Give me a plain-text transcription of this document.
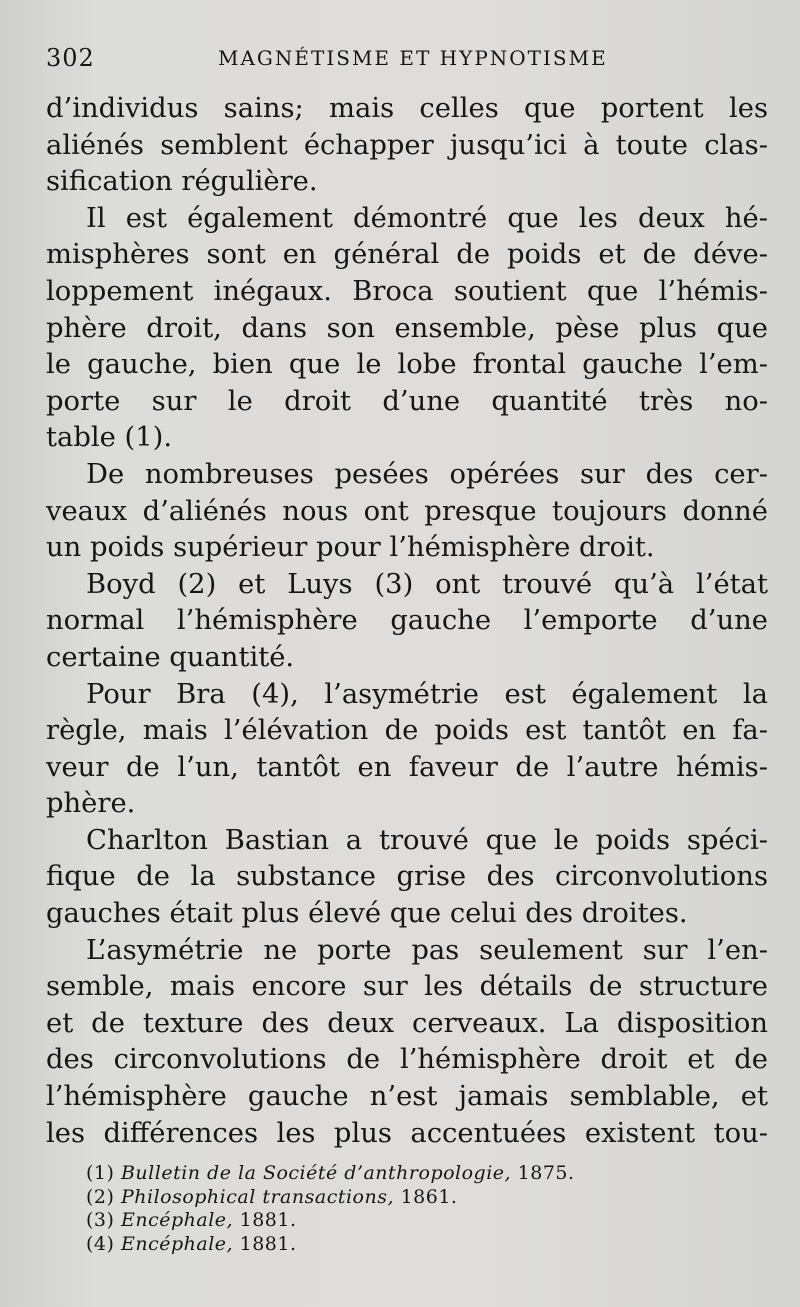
302	MAGNÉTISME ET HYPNOTISME
d’individus sains; mais celles que portent les
aliénés semblent échapper jusqu’ici à toute clas-
sification régulière.
Il est également démontré que les deux hé-
misphères sont en général de poids et de déve-
loppement inégaux. Broca soutient que l’hémis-
phère droit, dans son ensemble, pèse plus que
le gauche, bien que le lobe frontal gauche l’em-
porte sur le droit d’une quantité très no-
table (1).
De nombreuses pesées opérées sur des cer-
veaux d’aliénés nous ont presque toujours donné
un poids supérieur pour l’hémisphère droit.
Boyd (2) et Luys (3) ont trouvé qu’à l’état
normal l’hémisphère gauche l’emporte d’une
certaine quantité.
Pour Bra (4), l’asymétrie est également la
règle, mais l’élévation de poids est tantôt en fa-
veur de l’un, tantôt en faveur de l’autre hémis-
phère.
Charlton Bastian a trouvé que le poids spéci-
fique de la substance grise des circonvolutions
gauches était plus élevé que celui des droites.
L’asymétrie ne porte pas seulement sur l’en-
semble, mais encore sur les détails de structure
et de texture des deux cerveaux. La disposition
des circonvolutions de l’hémisphère droit et de
l’hémisphère gauche n’est jamais semblable, et
les différences les plus accentuées existent tou-
(1) Bulletin de la Société d’anthropologie, 1875.
(2) Philosophical transactions, 1861.
(3) Encéphale, 1881.
(4) Encéphale, 1881.
